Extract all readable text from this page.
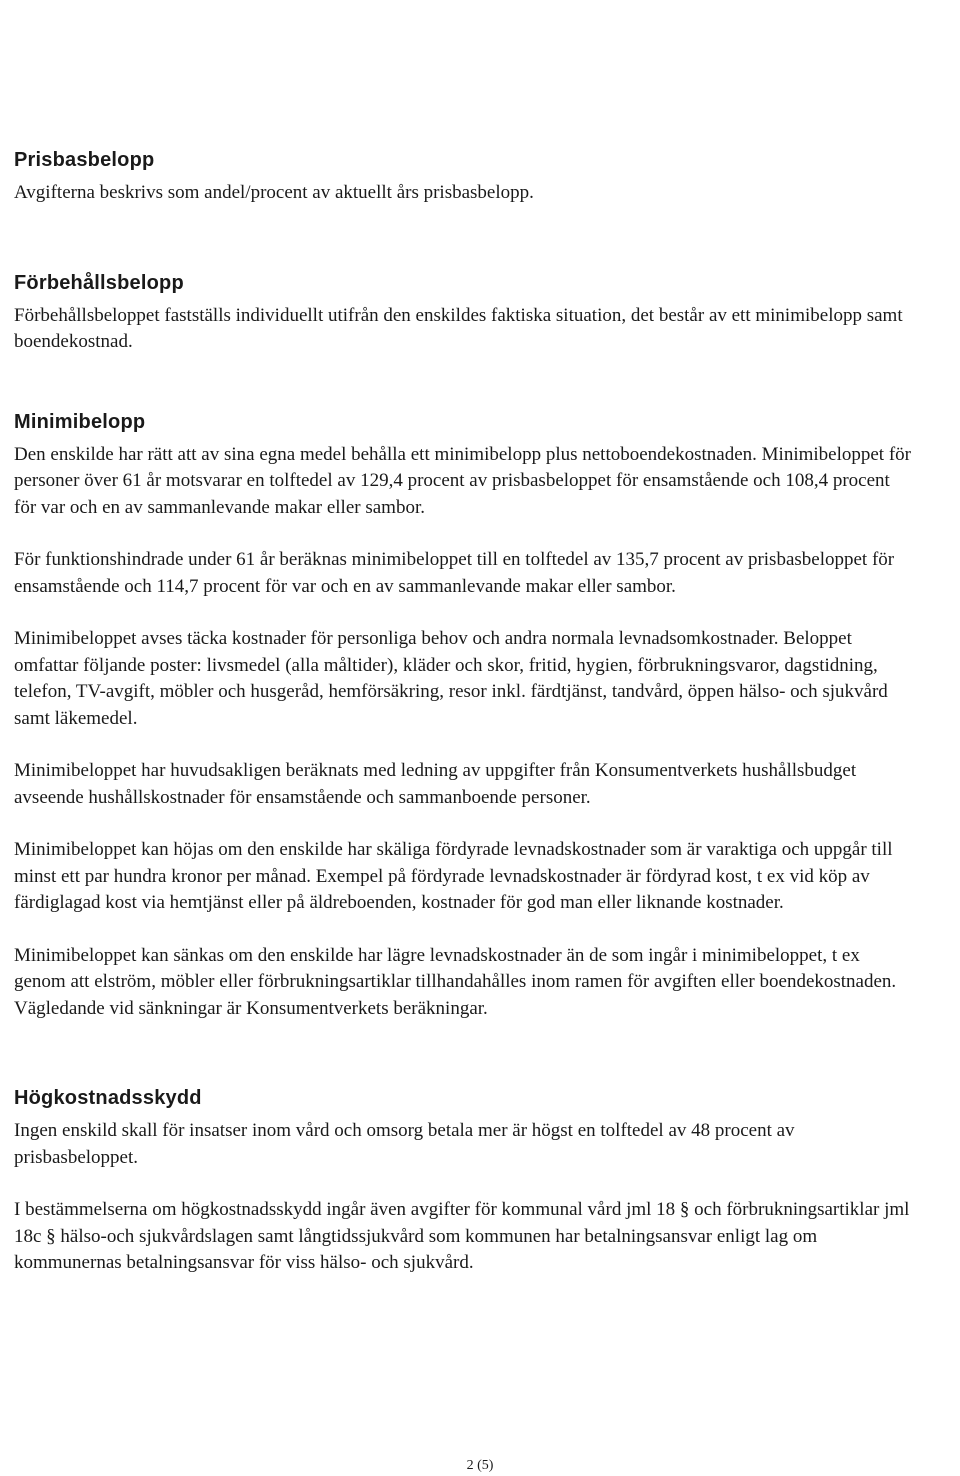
Prisbasbelopp

Avgifterna beskrivs som andel/procent av aktuellt års prisbasbelopp.

Förbehållsbelopp

Förbehållsbeloppet fastställs individuellt utifrån den enskildes faktiska situation, det består av ett minimibelopp samt boendekostnad.

Minimibelopp

Den enskilde har rätt att av sina egna medel behålla ett minimibelopp plus nettoboendekostnaden. Minimibeloppet för personer över 61 år motsvarar en tolftedel av 129,4 procent av prisbasbeloppet för ensamstående och 108,4 procent för var och en av sammanlevande makar eller sambor.

För funktionshindrade under 61 år beräknas minimibeloppet till en tolftedel av 135,7 procent av prisbasbeloppet för ensamstående och 114,7 procent för var och en av sammanlevande makar eller sambor.

Minimibeloppet avses täcka kostnader för personliga behov och andra normala levnadsomkostnader. Beloppet omfattar följande poster: livsmedel (alla måltider), kläder och skor, fritid, hygien, förbrukningsvaror, dagstidning, telefon, TV-avgift, möbler och husgeråd, hemförsäkring, resor inkl. färdtjänst, tandvård, öppen hälso- och sjukvård samt läkemedel.

Minimibeloppet har huvudsakligen beräknats med ledning av uppgifter från Konsumentverkets hushållsbudget avseende hushållskostnader för ensamstående och sammanboende personer.

Minimibeloppet kan höjas om den enskilde har skäliga fördyrade levnadskostnader som är varaktiga och uppgår till minst ett par hundra kronor per månad. Exempel på fördyrade levnadskostnader är fördyrad kost, t ex vid köp av färdiglagad kost via hemtjänst eller på äldreboenden, kostnader för god man eller liknande kostnader.

Minimibeloppet kan sänkas om den enskilde har lägre levnadskostnader än de som ingår i minimibeloppet, t ex genom att elström, möbler eller förbrukningsartiklar tillhandahålles inom ramen för avgiften eller boendekostnaden. Vägledande vid sänkningar är Konsumentverkets beräkningar.

Högkostnadsskydd

Ingen enskild skall för insatser inom vård och omsorg betala mer är högst en tolftedel av 48 procent av prisbasbeloppet.

I bestämmelserna om högkostnadsskydd ingår även avgifter för kommunal vård jml 18 § och förbrukningsartiklar jml 18c § hälso-och sjukvårdslagen samt långtidssjukvård som kommunen har betalningsansvar enligt lag om kommunernas betalningsansvar för viss hälso- och sjukvård.

2 (5)
